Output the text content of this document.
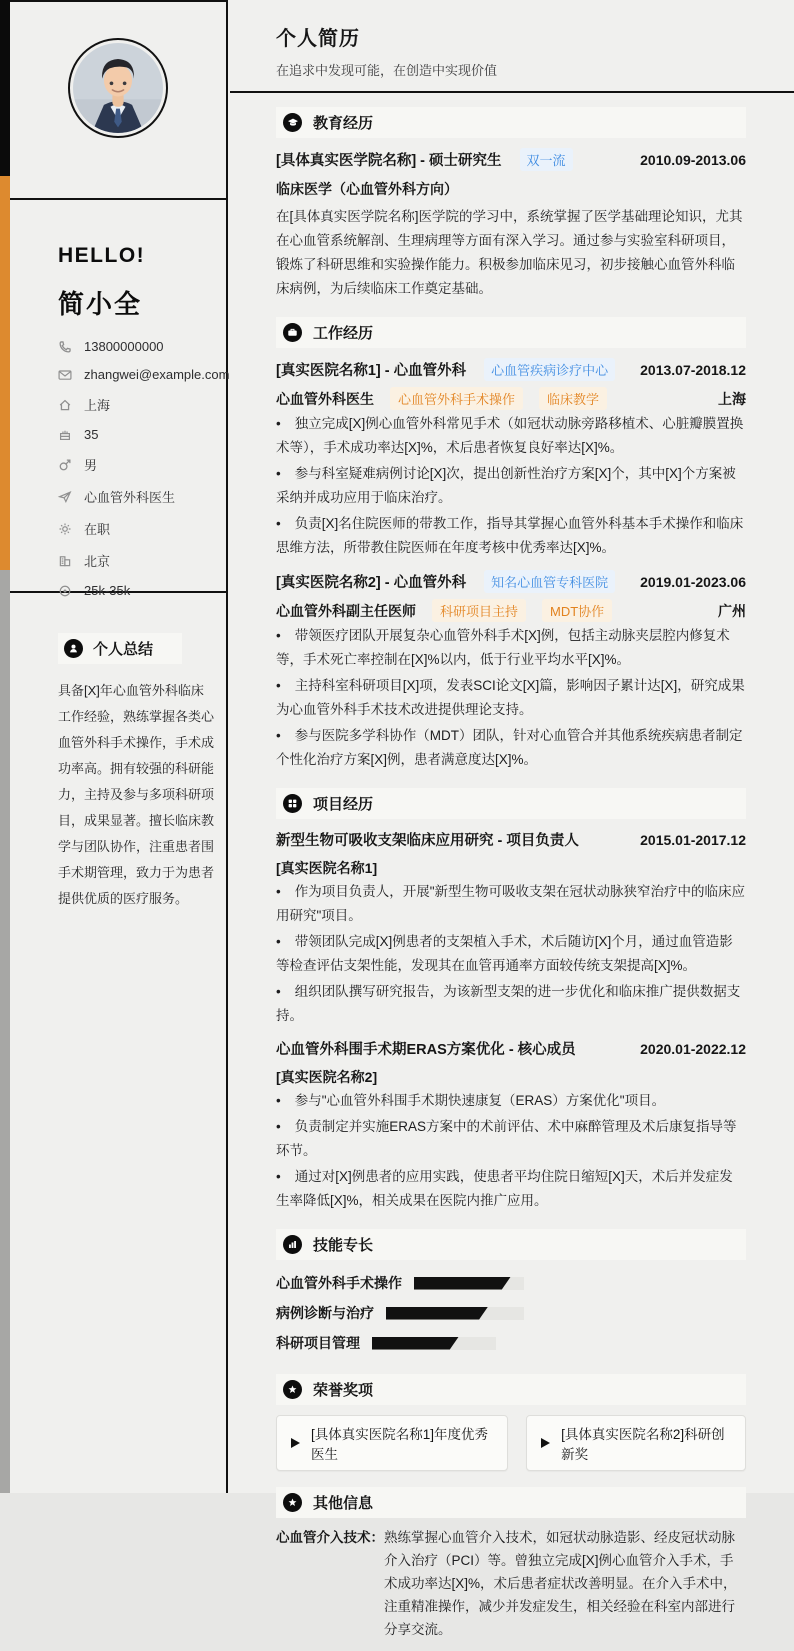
HELLO!
简小全
13800000000
zhangwei@example.com
上海
35
男
心血管外科医生
在职
北京
25k-35k
个人总结

具备[X]年心血管外科临床工作经验，熟练掌握各类心血管外科手术操作，手术成功率高。拥有较强的科研能力，主持及参与多项科研项目，成果显著。擅长临床教学与团队协作，注重患者围手术期管理，致力于为患者提供优质的医疗服务。

个人简历
在追求中发现可能，在创造中实现价值
教育经历
[具体真实医学院名称] - 硕士研究生	双一流	2010.09-2013.06
临床医学（心血管外科方向）

在[具体真实医学院名称]医学院的学习中，系统掌握了医学基础理论知识，尤其在心血管系统解剖、生理病理等方面有深入学习。通过参与实验室科研项目，锻炼了科研思维和实验操作能力。积极参加临床见习，初步接触心血管外科临床病例，为后续临床工作奠定基础。

工作经历
[真实医院名称1] - 心血管外科	心血管疾病诊疗中心	2013.07-2018.12
心血管外科医生	心血管外科手术操作	临床教学	上海
• 独立完成[X]例心血管外科常见手术（如冠状动脉旁路移植术、心脏瓣膜置换术等），手术成功率达[X]%，术后患者恢复良好率达[X]%。
• 参与科室疑难病例讨论[X]次，提出创新性治疗方案[X]个，其中[X]个方案被采纳并成功应用于临床治疗。
• 负责[X]名住院医师的带教工作，指导其掌握心血管外科基本手术操作和临床思维方法，所带教住院医师在年度考核中优秀率达[X]%。
[真实医院名称2] - 心血管外科	知名心血管专科医院	2019.01-2023.06
心血管外科副主任医师	科研项目主持	MDT协作	广州
• 带领医疗团队开展复杂心血管外科手术[X]例，包括主动脉夹层腔内修复术等，手术死亡率控制在[X]%以内，低于行业平均水平[X]%。
• 主持科室科研项目[X]项，发表SCI论文[X]篇，影响因子累计达[X]，研究成果为心血管外科手术技术改进提供理论支持。
• 参与医院多学科协作（MDT）团队，针对心血管合并其他系统疾病患者制定个性化治疗方案[X]例，患者满意度达[X]%。
项目经历
新型生物可吸收支架临床应用研究 - 项目负责人	2015.01-2017.12
[真实医院名称1]
• 作为项目负责人，开展"新型生物可吸收支架在冠状动脉狭窄治疗中的临床应用研究"项目。
• 带领团队完成[X]例患者的支架植入手术，术后随访[X]个月，通过血管造影等检查评估支架性能，发现其在血管再通率方面较传统支架提高[X]%。
• 组织团队撰写研究报告，为该新型支架的进一步优化和临床推广提供数据支持。
心血管外科围手术期ERAS方案优化 - 核心成员	2020.01-2022.12
[真实医院名称2]
• 参与"心血管外科围手术期快速康复（ERAS）方案优化"项目。
• 负责制定并实施ERAS方案中的术前评估、术中麻醉管理及术后康复指导等环节。
• 通过对[X]例患者的应用实践，使患者平均住院日缩短[X]天，术后并发症发生率降低[X]%，相关成果在医院内推广应用。
技能专长
心血管外科手术操作
病例诊断与治疗
科研项目管理
荣誉奖项
[具体真实医院名称1]年度优秀医生
[具体真实医院名称2]科研创新奖
其他信息
心血管介入技术： 熟练掌握心血管介入技术，如冠状动脉造影、经皮冠状动脉介入治疗（PCI）等。曾独立完成[X]例心血管介入手术，手术成功率达[X]%，术后患者症状改善明显。在介入手术中，注重精准操作，减少并发症发生，相关经验在科室内部进行分享交流。
